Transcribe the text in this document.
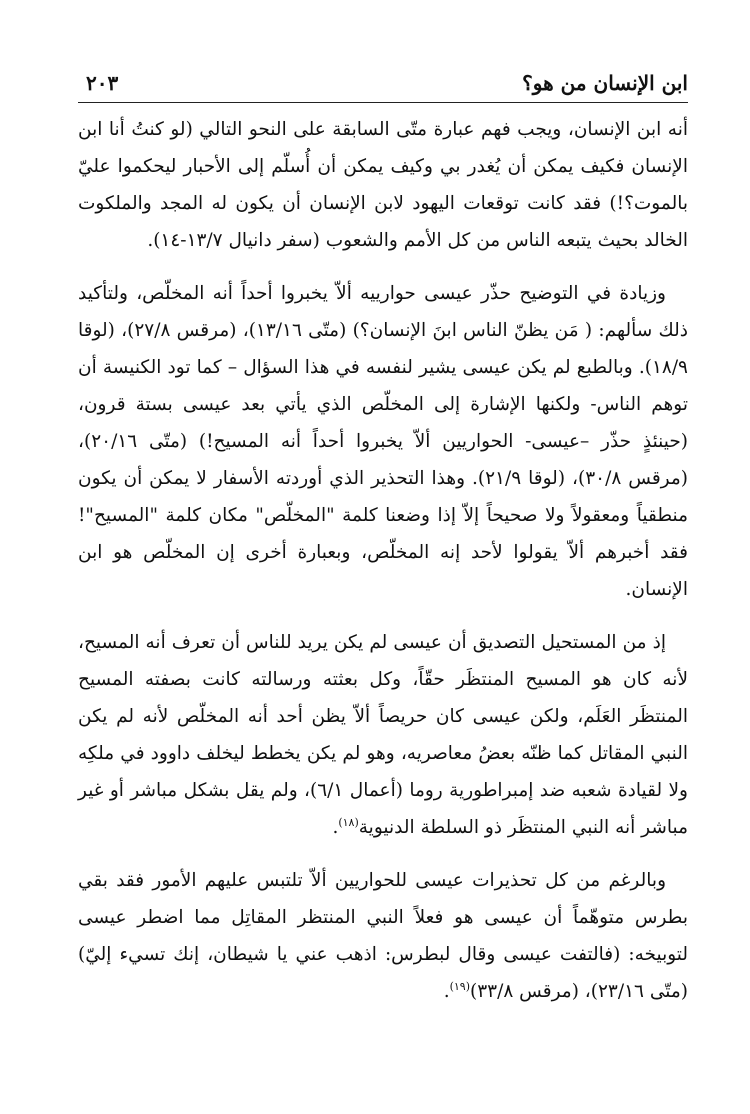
ابن الإنسان من هو؟
٢٠٣

أنه ابن الإنسان، ويجب فهم عبارة متّى السابقة على النحو التالي (لو كنتُ أنا ابن الإنسان فكيف يمكن أن يُغدر بي وكيف يمكن أن أُسلّم إلى الأحبار ليحكموا عليّ بالموت؟!) فقد كانت توقعات اليهود لابن الإنسان أن يكون له المجد والملكوت الخالد بحيث يتبعه الناس من كل الأمم والشعوب (سفر دانيال ١٣/٧-١٤).

وزيادة في التوضيح حذّر عيسى حوارييه ألاّ يخبروا أحداً أنه المخلّص، ولتأكيد ذلك سألهم: ( مَن يظنّ الناس ابنَ الإنسان؟) (متّى ١٣/١٦)، (مرقس ٢٧/٨)، (لوقا ١٨/٩). وبالطبع لم يكن عيسى يشير لنفسه في هذا السؤال – كما تود الكنيسة أن توهم الناس- ولكنها الإشارة إلى المخلّص الذي يأتي بعد عيسى بستة قرون، (حينئذٍ حذّر –عيسى- الحواريين ألاّ يخبروا أحداً أنه المسيح!) (متّى ٢٠/١٦)، (مرقس ٣٠/٨)، (لوقا ٢١/٩). وهذا التحذير الذي أوردته الأسفار لا يمكن أن يكون منطقياً ومعقولاً ولا صحيحاً إلاّ إذا وضعنا كلمة "المخلّص" مكان كلمة "المسيح"! فقد أخبرهم ألاّ يقولوا لأحد إنه المخلّص، وبعبارة أخرى إن المخلّص هو ابن الإنسان.

إذ من المستحيل التصديق أن عيسى لم يكن يريد للناس أن تعرف أنه المسيح، لأنه كان هو المسيح المنتظَر حقّاً، وكل بعثته ورسالته كانت بصفته المسيح المنتظَر العَلَم، ولكن عيسى كان حريصاً ألاّ يظن أحد أنه المخلّص لأنه لم يكن النبي المقاتل كما ظنّه بعضُ معاصريه، وهو لم يكن يخطط ليخلف داوود في ملكِه ولا لقيادة شعبه ضد إمبراطورية روما (أعمال ٦/١)، ولم يقل بشكل مباشر أو غير مباشر أنه النبي المنتظَر ذو السلطة الدنيوية$^{(١٨)}$.

وبالرغم من كل تحذيرات عيسى للحواريين ألاّ تلتبس عليهم الأمور فقد بقي بطرس متوهّماً أن عيسى هو فعلاً النبي المنتظر المقاتِل مما اضطر عيسى لتوبيخه: (فالتفت عيسى وقال لبطرس: اذهب عني يا شيطان، إنك تسيء إليّ) (متّى ٢٣/١٦)، (مرقس ٣٣/٨)$^{(١٩)}$.
